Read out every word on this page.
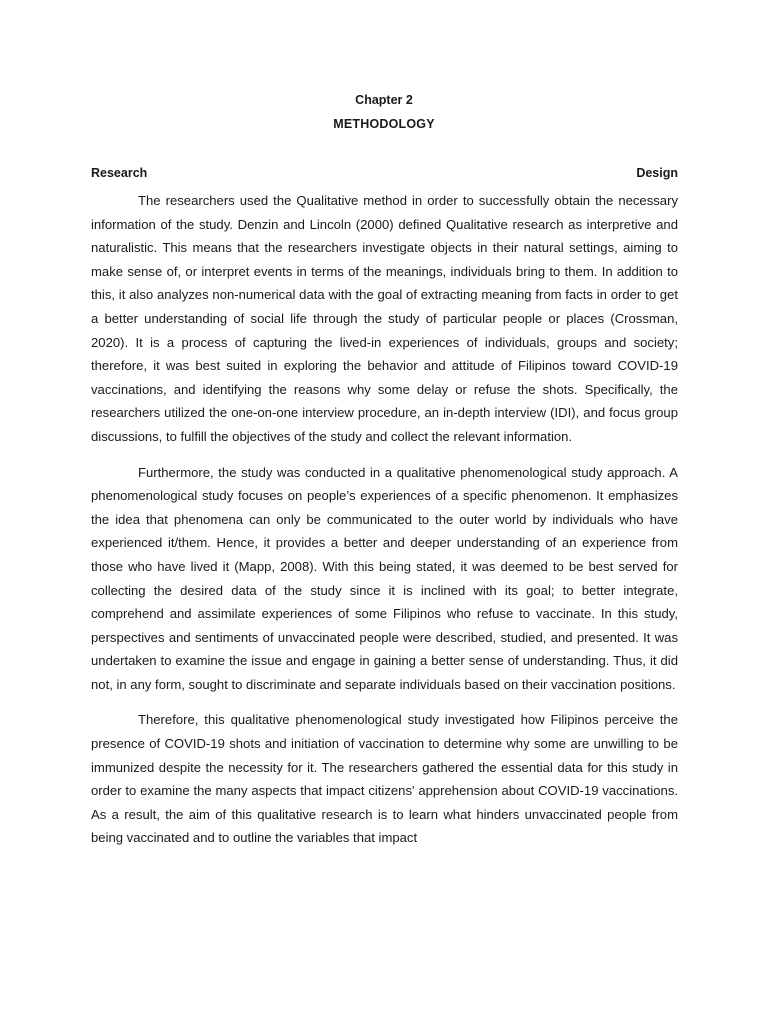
Chapter 2
METHODOLOGY
Research	Design

The researchers used the Qualitative method in order to successfully obtain the necessary information of the study. Denzin and Lincoln (2000) defined Qualitative research as interpretive and naturalistic. This means that the researchers investigate objects in their natural settings, aiming to make sense of, or interpret events in terms of the meanings, individuals bring to them. In addition to this, it also analyzes non-numerical data with the goal of extracting meaning from facts in order to get a better understanding of social life through the study of particular people or places (Crossman, 2020). It is a process of capturing the lived-in experiences of individuals, groups and society; therefore, it was best suited in exploring the behavior and attitude of Filipinos toward COVID-19 vaccinations, and identifying the reasons why some delay or refuse the shots. Specifically, the researchers utilized the one-on-one interview procedure, an in-depth interview (IDI), and focus group discussions, to fulfill the objectives of the study and collect the relevant information.

Furthermore, the study was conducted in a qualitative phenomenological study approach. A phenomenological study focuses on people’s experiences of a specific phenomenon. It emphasizes the idea that phenomena can only be communicated to the outer world by individuals who have experienced it/them. Hence, it provides a better and deeper understanding of an experience from those who have lived it (Mapp, 2008). With this being stated, it was deemed to be best served for collecting the desired data of the study since it is inclined with its goal; to better integrate, comprehend and assimilate experiences of some Filipinos who refuse to vaccinate. In this study, perspectives and sentiments of unvaccinated people were described, studied, and presented. It was undertaken to examine the issue and engage in gaining a better sense of understanding. Thus, it did not, in any form, sought to discriminate and separate individuals based on their vaccination positions.

Therefore, this qualitative phenomenological study investigated how Filipinos perceive the presence of COVID-19 shots and initiation of vaccination to determine why some are unwilling to be immunized despite the necessity for it. The researchers gathered the essential data for this study in order to examine the many aspects that impact citizens' apprehension about COVID-19 vaccinations. As a result, the aim of this qualitative research is to learn what hinders unvaccinated people from being vaccinated and to outline the variables that impact
